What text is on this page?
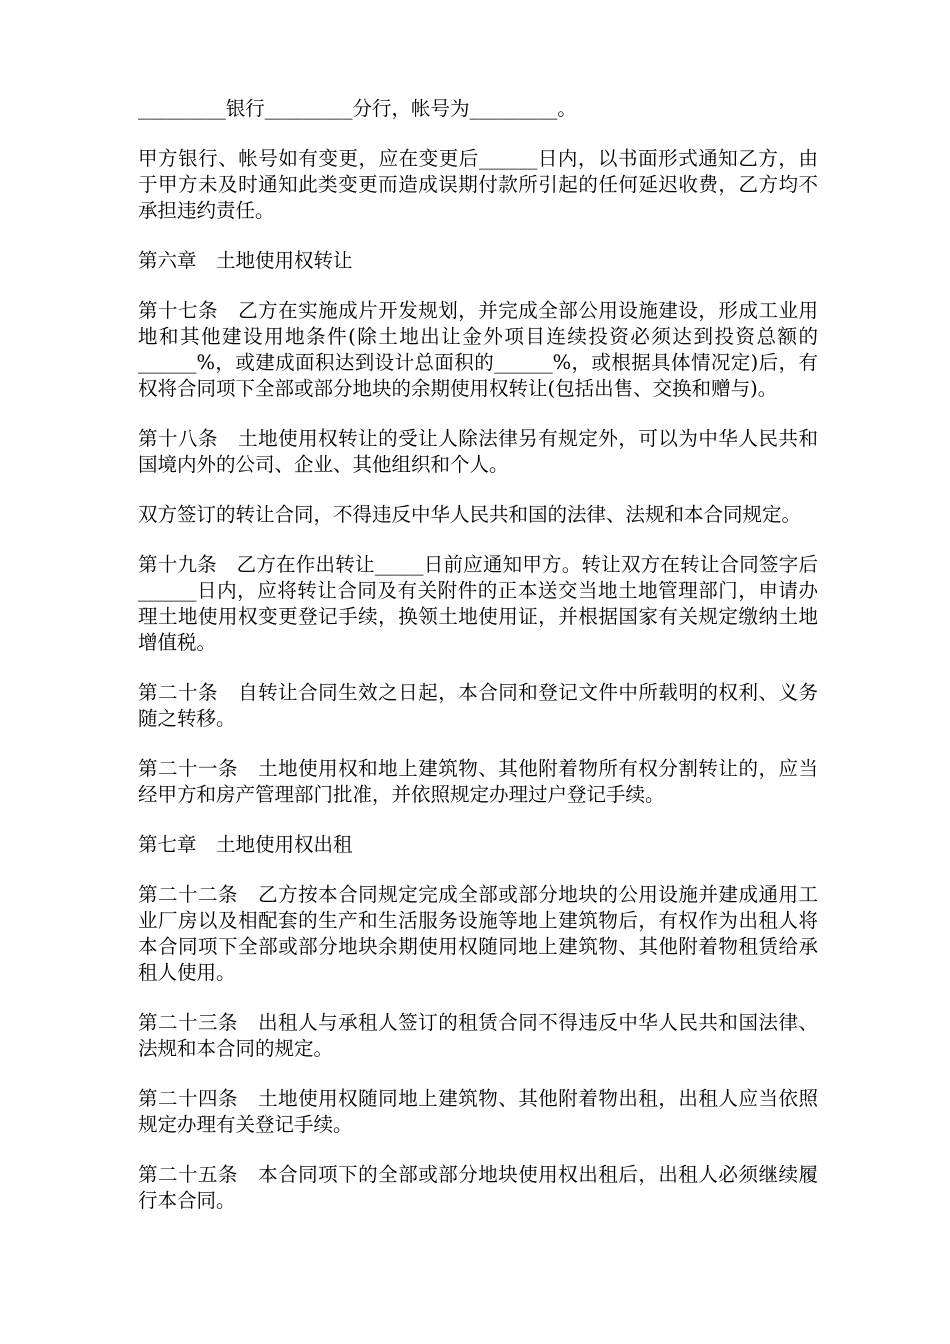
_________银行_________分行，帐号为_________。

甲方银行、帐号如有变更，应在变更后______日内，以书面形式通知乙方，由于甲方未及时通知此类变更而造成误期付款所引起的任何延迟收费，乙方均不承担违约责任。

第六章　土地使用权转让

第十七条　乙方在实施成片开发规划，并完成全部公用设施建设，形成工业用地和其他建设用地条件(除土地出让金外项目连续投资必须达到投资总额的______%，或建成面积达到设计总面积的______%，或根据具体情况定)后，有权将合同项下全部或部分地块的余期使用权转让(包括出售、交换和赠与)。

第十八条　土地使用权转让的受让人除法律另有规定外，可以为中华人民共和国境内外的公司、企业、其他组织和个人。

双方签订的转让合同，不得违反中华人民共和国的法律、法规和本合同规定。

第十九条　乙方在作出转让_____日前应通知甲方。转让双方在转让合同签字后______日内，应将转让合同及有关附件的正本送交当地土地管理部门，申请办理土地使用权变更登记手续，换领土地使用证，并根据国家有关规定缴纳土地增值税。

第二十条　自转让合同生效之日起，本合同和登记文件中所载明的权利、义务随之转移。

第二十一条　土地使用权和地上建筑物、其他附着物所有权分割转让的，应当经甲方和房产管理部门批准，并依照规定办理过户登记手续。

第七章　土地使用权出租

第二十二条　乙方按本合同规定完成全部或部分地块的公用设施并建成通用工业厂房以及相配套的生产和生活服务设施等地上建筑物后，有权作为出租人将本合同项下全部或部分地块余期使用权随同地上建筑物、其他附着物租赁给承租人使用。

第二十三条　出租人与承租人签订的租赁合同不得违反中华人民共和国法律、法规和本合同的规定。

第二十四条　土地使用权随同地上建筑物、其他附着物出租，出租人应当依照规定办理有关登记手续。

第二十五条　本合同项下的全部或部分地块使用权出租后，出租人必须继续履行本合同。
